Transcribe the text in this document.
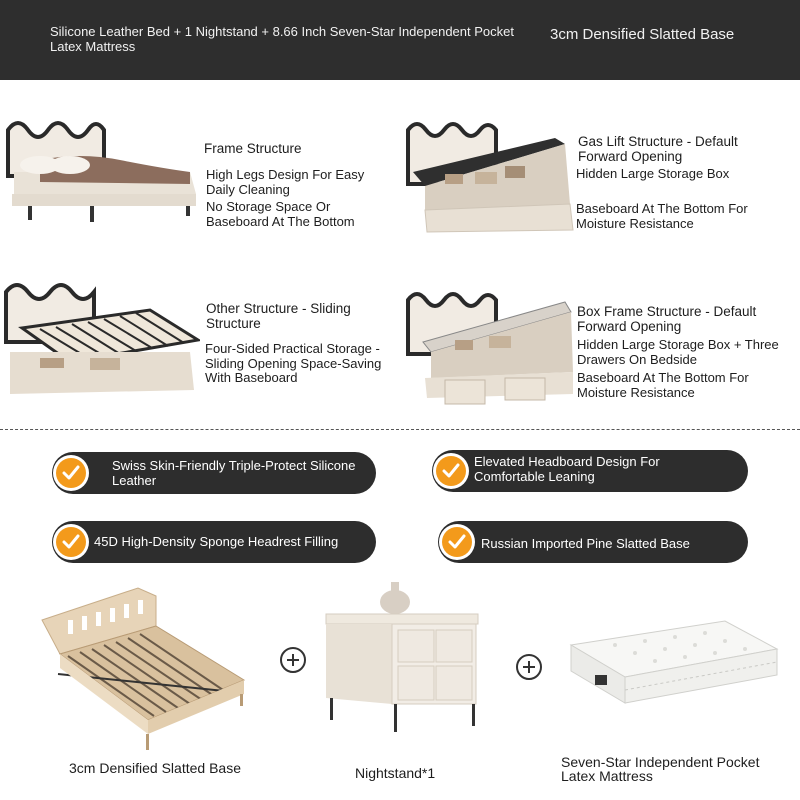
Silicone Leather Bed + 1 Nightstand + 8.66 Inch Seven-Star Independent Pocket Latex Mattress
3cm Densified Slatted Base
Frame Structure
High Legs Design For Easy Daily Cleaning
No Storage Space Or Baseboard At The Bottom
Gas Lift Structure - Default Forward Opening
Hidden Large Storage Box
Baseboard At The Bottom For Moisture Resistance
Other Structure - Sliding Structure
Four-Sided Practical Storage - Sliding Opening Space-Saving With Baseboard
Box Frame Structure - Default Forward Opening
Hidden Large Storage Box + Three Drawers On Bedside
Baseboard At The Bottom For Moisture Resistance
Swiss Skin-Friendly Triple-Protect Silicone Leather
Elevated Headboard Design For Comfortable Leaning
45D High-Density Sponge Headrest Filling	Russian Imported Pine Slatted Base
3cm Densified Slatted Base	Nightstand*1
Seven-Star Independent Pocket Latex Mattress
